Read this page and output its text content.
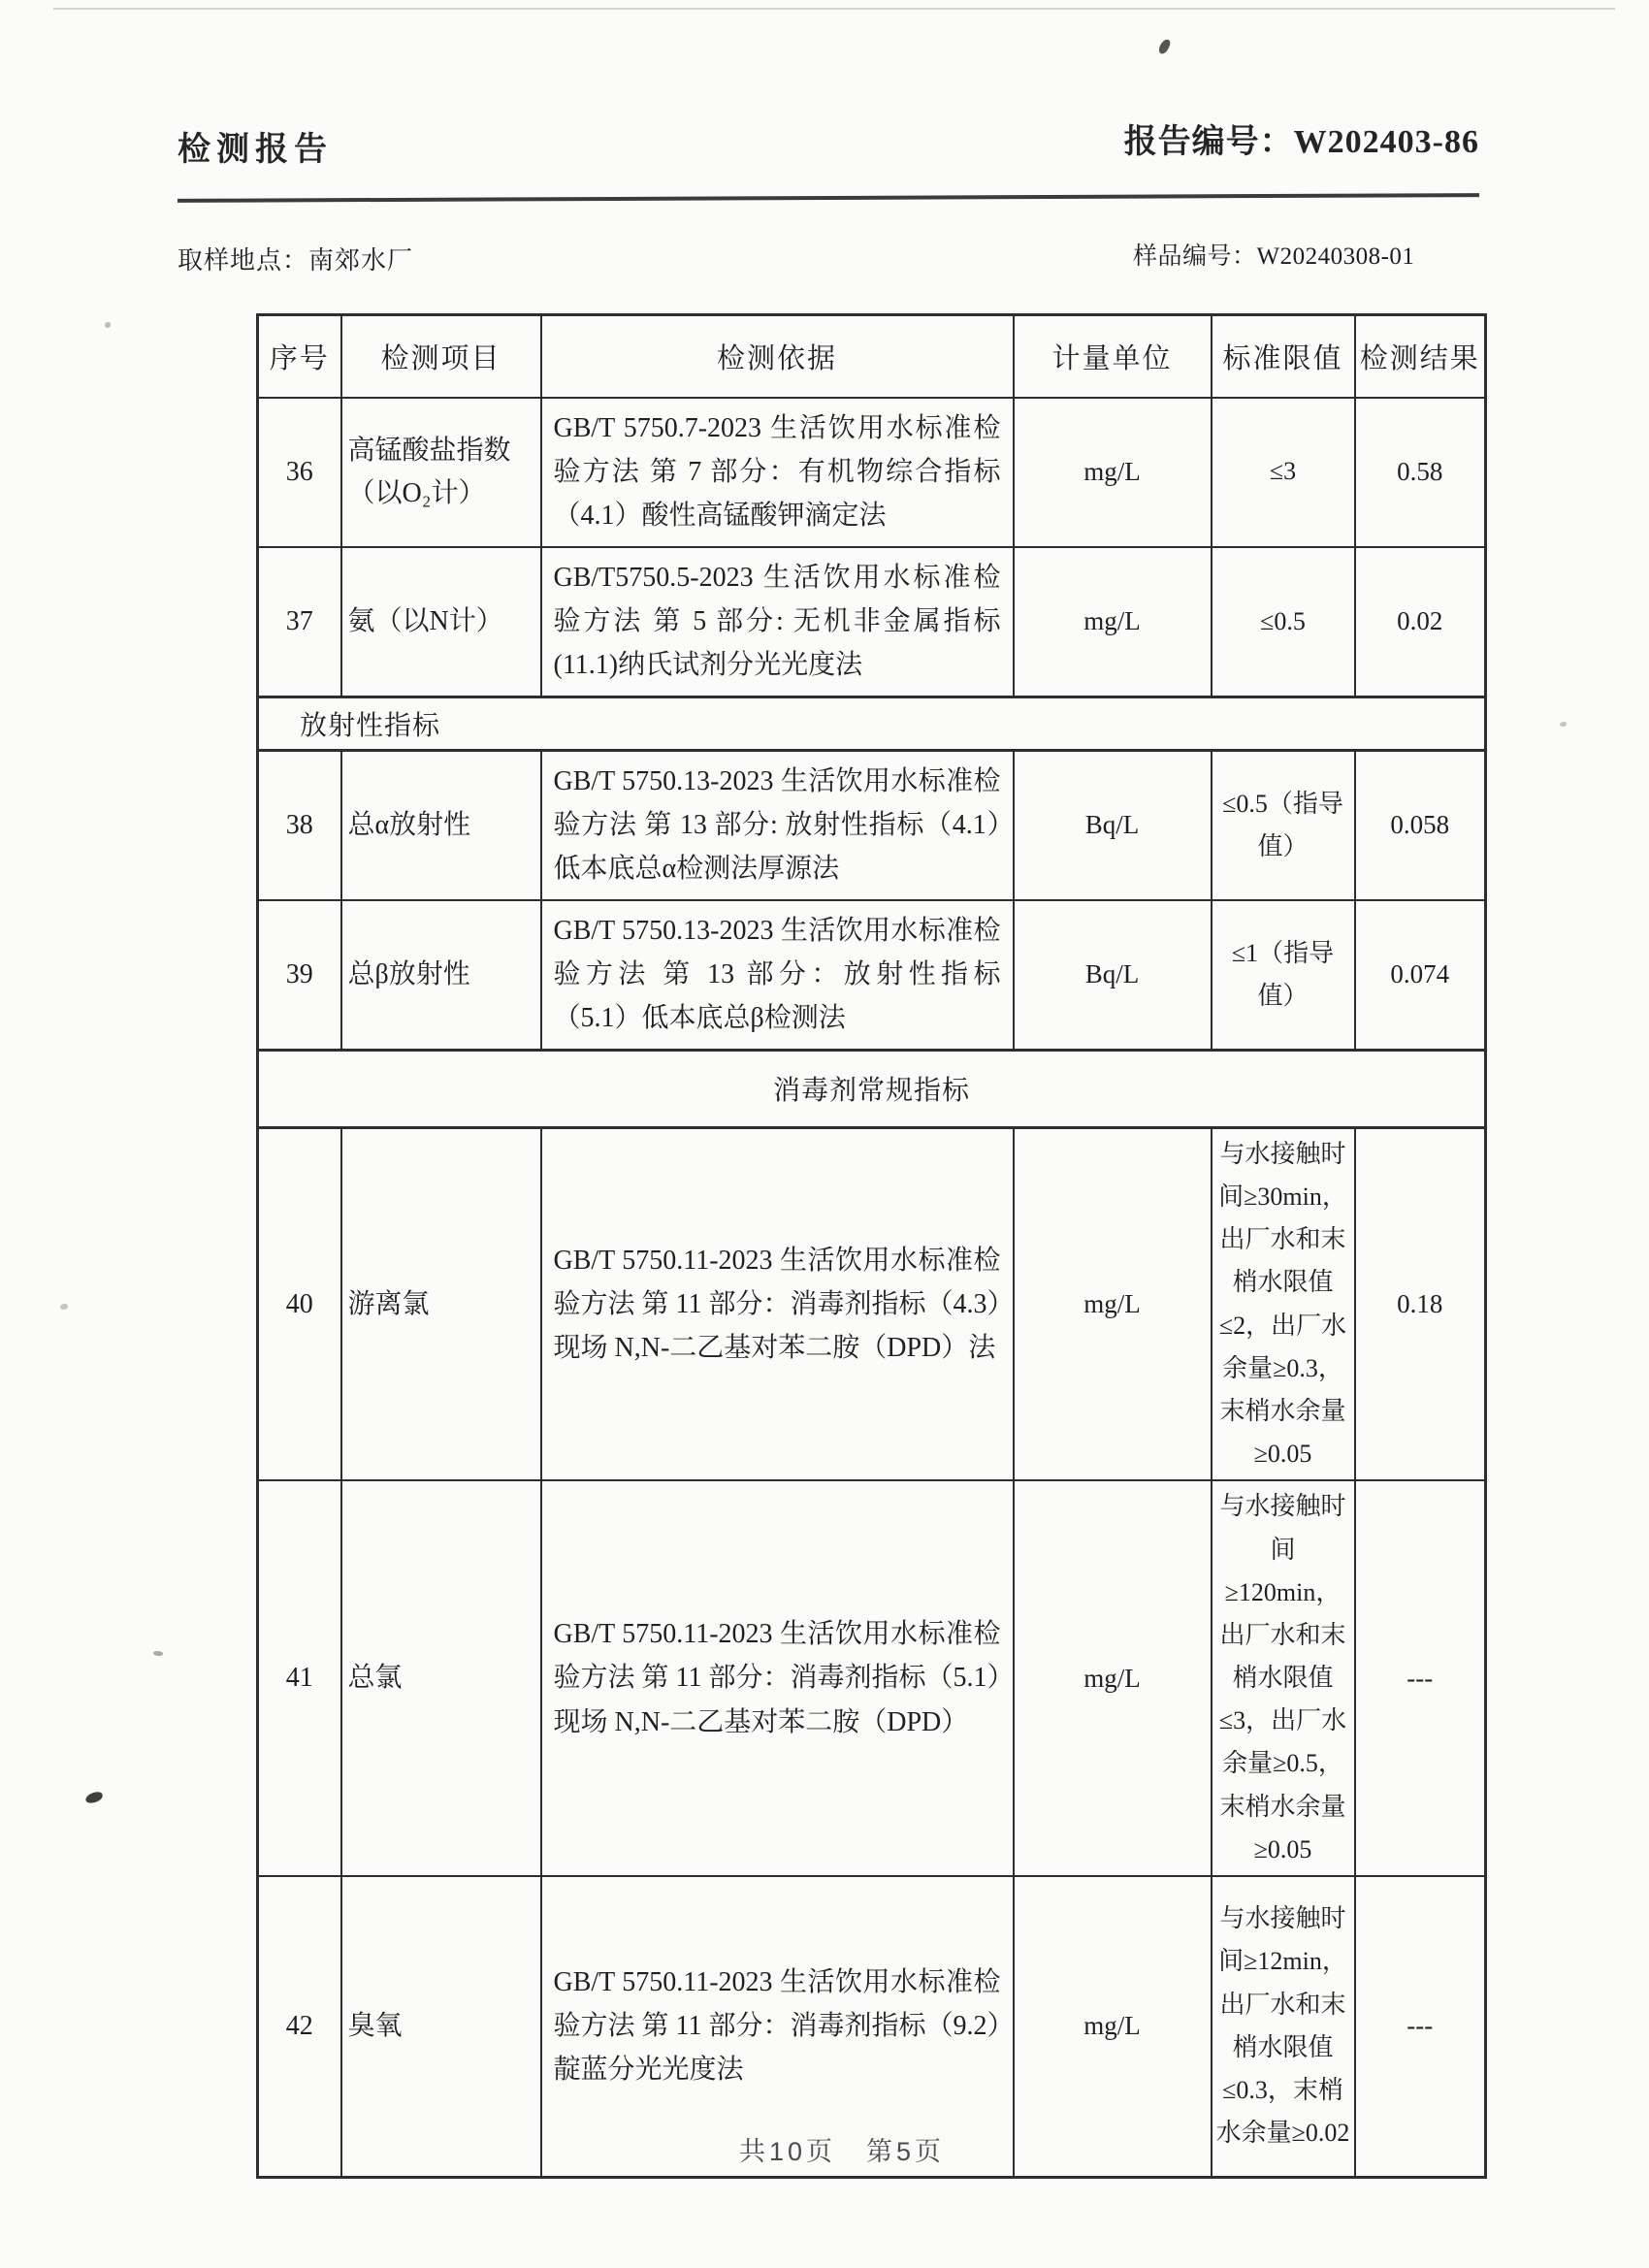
检测报告	报告编号：W202403-86
取样地点：南郊水厂	样品编号：W20240308-01
序号	检测项目	检测依据	计量单位	标准限值	检测结果
36	高锰酸盐指数（以O₂计）	GB/T 5750.7-2023 生活饮用水标准检验方法 第 7 部分：有机物综合指标（4.1）酸性高锰酸钾滴定法	mg/L	≤3	0.58
37	氨（以N计）	GB/T5750.5-2023 生活饮用水标准检验方法 第 5 部分: 无机非金属指标(11.1)纳氏试剂分光光度法	mg/L	≤0.5	0.02
放射性指标					
38	总α放射性	GB/T 5750.13-2023 生活饮用水标准检验方法 第 13 部分: 放射性指标（4.1）低本底总α检测法厚源法	Bq/L	≤0.5（指导值）	0.058
39	总β放射性	GB/T 5750.13-2023 生活饮用水标准检验方法 第 13 部分：放射性指标（5.1）低本底总β检测法	Bq/L	≤1（指导值）	0.074
消毒剂常规指标					
40	游离氯	GB/T 5750.11-2023 生活饮用水标准检验方法 第 11 部分：消毒剂指标（4.3）现场 N,N-二乙基对苯二胺（DPD）法	mg/L	与水接触时间≥30min，出厂水和末梢水限值≤2，出厂水余量≥0.3，末梢水余量≥0.05	0.18
41	总氯	GB/T 5750.11-2023 生活饮用水标准检验方法 第 11 部分：消毒剂指标（5.1）现场 N,N-二乙基对苯二胺（DPD）	mg/L	与水接触时间≥120min，出厂水和末梢水限值≤3，出厂水余量≥0.5，末梢水余量≥0.05	---
42	臭氧	GB/T 5750.11-2023 生活饮用水标准检验方法 第 11 部分：消毒剂指标（9.2）靛蓝分光光度法	mg/L	与水接触时间≥12min，出厂水和末梢水限值≤0.3，末梢水余量≥0.02	---
共10页　第5页
